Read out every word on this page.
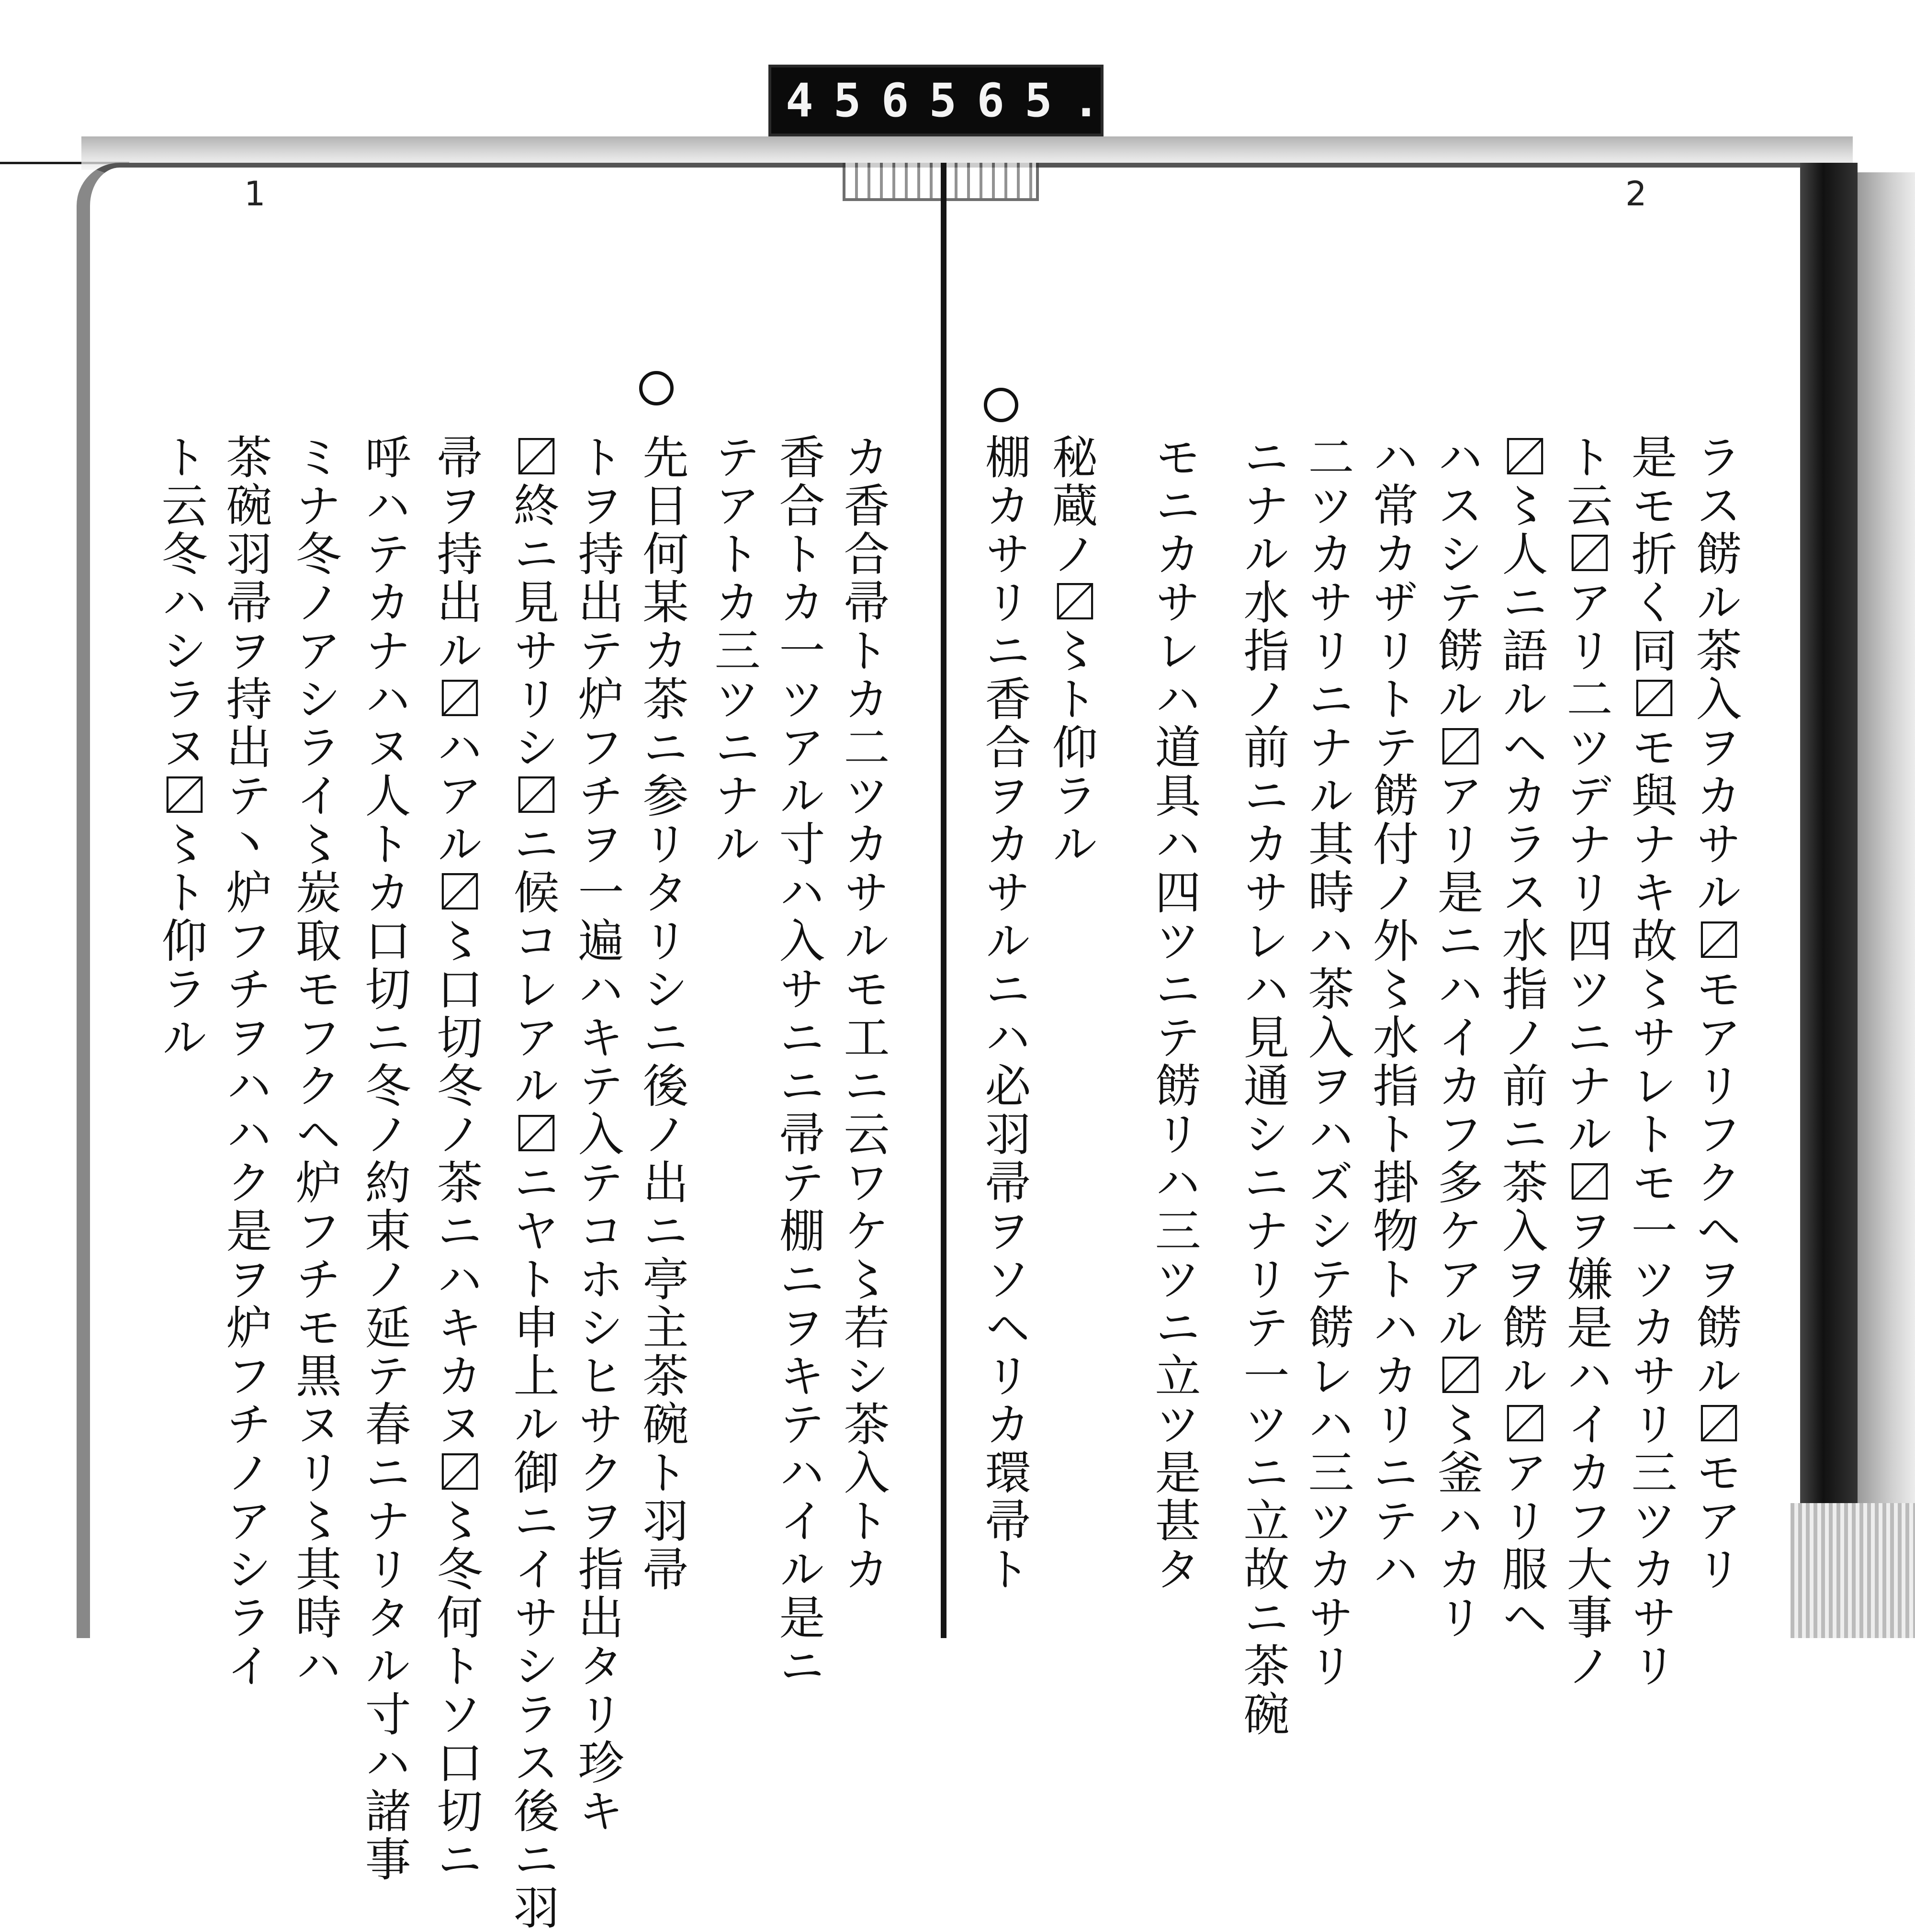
456 565.
1	2
ラス餝ル茶入ヲカサル〼モアリフクヘヲ餝ル〼モアリ
是モ折く同〼モ與ナキ故〻サレトモ一ツカサリ三ツカサリ
ト云〼アリ二ツデナリ四ツニナル〼ヲ嫌是ハイカフ大事ノ
〼〻人ニ語ルヘカラス水指ノ前ニ茶入ヲ餝ル〼アリ服ヘ
ハスシテ餝ル〼アリ是ニハイカフ多ケアル〼〻釜ハカリ
ハ常カザリトテ餝付ノ外〻水指ト掛物トハカリニテハ
二ツカサリニナル其時ハ茶入ヲハズシテ餝レハ三ツカサリ
ニナル水指ノ前ニカサレハ見通シニナリテ一ツニ立故ニ茶碗
モニカサレハ道具ハ四ツニテ餝リハ三ツニ立ツ是甚タ
秘蔵ノ〼〻ト仰ラル
棚カサリニ香合ヲカサルニハ必羽帚ヲソヘリカ環帚ト
カ香合帚トカ二ツカサルモ工ニ云ワケ〻若シ茶入トカ
香合トカ一ツアル寸ハ入サニニ帚テ棚ニヲキテハイル是ニ
テアトカ三ツニナル
先日何某カ茶ニ参リタリシニ後ノ出ニ亭主茶碗ト羽帚
トヲ持出テ炉フチヲ一遍ハキテ入テコホシヒサクヲ指出タリ珍キ
〼終ニ見サリシ〼ニ候コレアル〼ニヤト申上ル御ニイサシラス後ニ羽
帚ヲ持出ル〼ハアル〼〻口切冬ノ茶ニハキカヌ〼〻冬何トソ口切ニ
呼ハテカナハヌ人トカ口切ニ冬ノ約束ノ延テ春ニナリタル寸ハ諸事
ミナ冬ノアシライ〻炭取モフクヘ炉フチモ黒ヌリ〻其時ハ
茶碗羽帚ヲ持出テ丶炉フチヲハハク是ヲ炉フチノアシライ
ト云冬ハシラヌ〼〻ト仰ラル
